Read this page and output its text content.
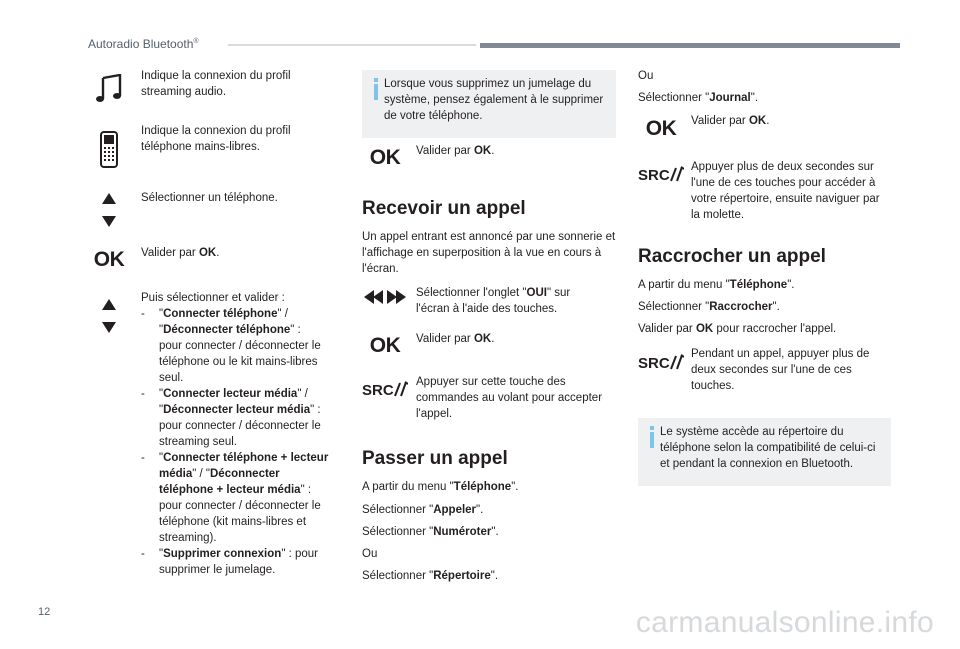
Autoradio Bluetooth®
Indique la connexion du profil streaming audio.
Indique la connexion du profil téléphone mains-libres.
Sélectionner un téléphone.
OK Valider par OK.
Puis sélectionner et valider :
- "Connecter téléphone" /
"Déconnecter téléphone" :
pour connecter / déconnecter le téléphone ou le kit mains-libres seul.
- "Connecter lecteur média" /
"Déconnecter lecteur média" :
pour connecter / déconnecter le streaming seul.
- "Connecter téléphone + lecteur média" / "Déconnecter téléphone + lecteur média" : pour connecter / déconnecter le téléphone (kit mains-libres et streaming).
- "Supprimer connexion" : pour supprimer le jumelage.
Lorsque vous supprimez un jumelage du système, pensez également à le supprimer de votre téléphone.
OK Valider par OK.
Recevoir un appel
Un appel entrant est annoncé par une sonnerie et l'affichage en superposition à la vue en cours à l'écran.
Sélectionner l'onglet "OUI" sur l'écran à l'aide des touches.
OK Valider par OK.
SRC Appuyer sur cette touche des commandes au volant pour accepter l'appel.
Passer un appel
A partir du menu "Téléphone".
Sélectionner "Appeler".
Sélectionner "Numéroter".
Ou
Sélectionner "Répertoire".
Ou
Sélectionner "Journal".
OK Valider par OK.
SRC Appuyer plus de deux secondes sur l'une de ces touches pour accéder à votre répertoire, ensuite naviguer par la molette.
Raccrocher un appel
A partir du menu "Téléphone".
Sélectionner "Raccrocher".
Valider par OK pour raccrocher l'appel.
SRC
Pendant un appel, appuyer plus de deux secondes sur l'une de ces touches.
Le système accède au répertoire du téléphone selon la compatibilité de celui-ci et pendant la connexion en Bluetooth.
12	carmanualsonline.info
